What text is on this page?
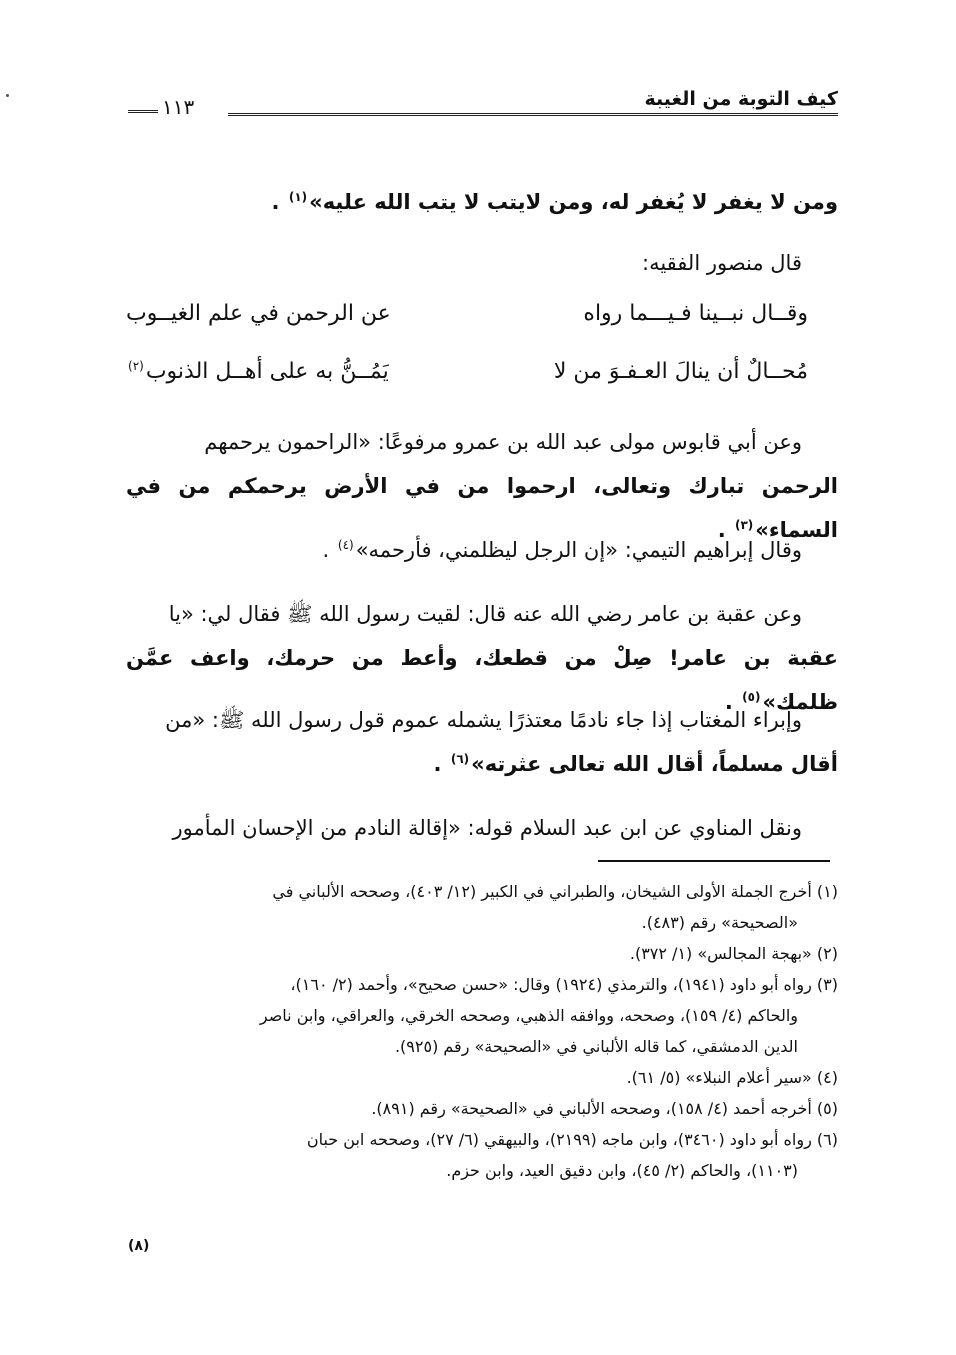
كيف التوبة من الغيبة
١١٣
ومن لا يغفر لا يُغفر له، ومن لايتب لا يتب الله عليه»$^{(١)}$ .
قال منصور الفقيه:
وقــال نبــينا فـيـــما رواه
عن الرحمن في علم الغيــوب
مُحــالٌ أن ينالَ العـفـوَ من لا
يَمُــنُّ به على أهــل الذنوب$^{(٢)}$
وعن أبي قابوس مولى عبد الله بن عمرو مرفوعًا: «الراحمون يرحمهم
الرحمن تبارك وتعالى، ارحموا من في الأرض يرحمكم من في السماء»$^{(٣)}$ .
وقال إبراهيم التيمي: «إن الرجل ليظلمني، فأرحمه»$^{(٤)}$ .
وعن عقبة بن عامر رضي الله عنه قال: لقيت رسول الله ﷺ فقال لي: «يا
عقبة بن عامر! صِلْ من قطعك، وأعط من حرمك، واعف عمَّن ظلمك»$^{(٥)}$ .
وإبراء المغتاب إذا جاء نادمًا معتذرًا يشمله عموم قول رسول الله ﷺ: «من
أقال مسلماً، أقال الله تعالى عثرته»$^{(٦)}$ .
ونقل المناوي عن ابن عبد السلام قوله: «إقالة النادم من الإحسان المأمور
(١) أخرج الجملة الأولى الشيخان، والطبراني في الكبير (١٢/ ٤٠٣)، وصححه الألباني في
«الصحيحة» رقم (٤٨٣).
(٢) «بهجة المجالس» (١/ ٣٧٢).
(٣) رواه أبو داود (١٩٤١)، والترمذي (١٩٢٤) وقال: «حسن صحيح»، وأحمد (٢/ ١٦٠)،
والحاكم (٤/ ١٥٩)، وصححه، ووافقه الذهبي، وصححه الخرقي، والعراقي، وابن ناصر
الدين الدمشقي، كما قاله الألباني في «الصحيحة» رقم (٩٢٥).
(٤) «سير أعلام النبلاء» (٥/ ٦١).
(٥) أخرجه أحمد (٤/ ١٥٨)، وصححه الألباني في «الصحيحة» رقم (٨٩١).
(٦) رواه أبو داود (٣٤٦٠)، وابن ماجه (٢١٩٩)، والبيهقي (٦/ ٢٧)، وصححه ابن حبان
(١١٠٣)، والحاكم (٢/ ٤٥)، وابن دقيق العيد، وابن حزم.
(٨)
